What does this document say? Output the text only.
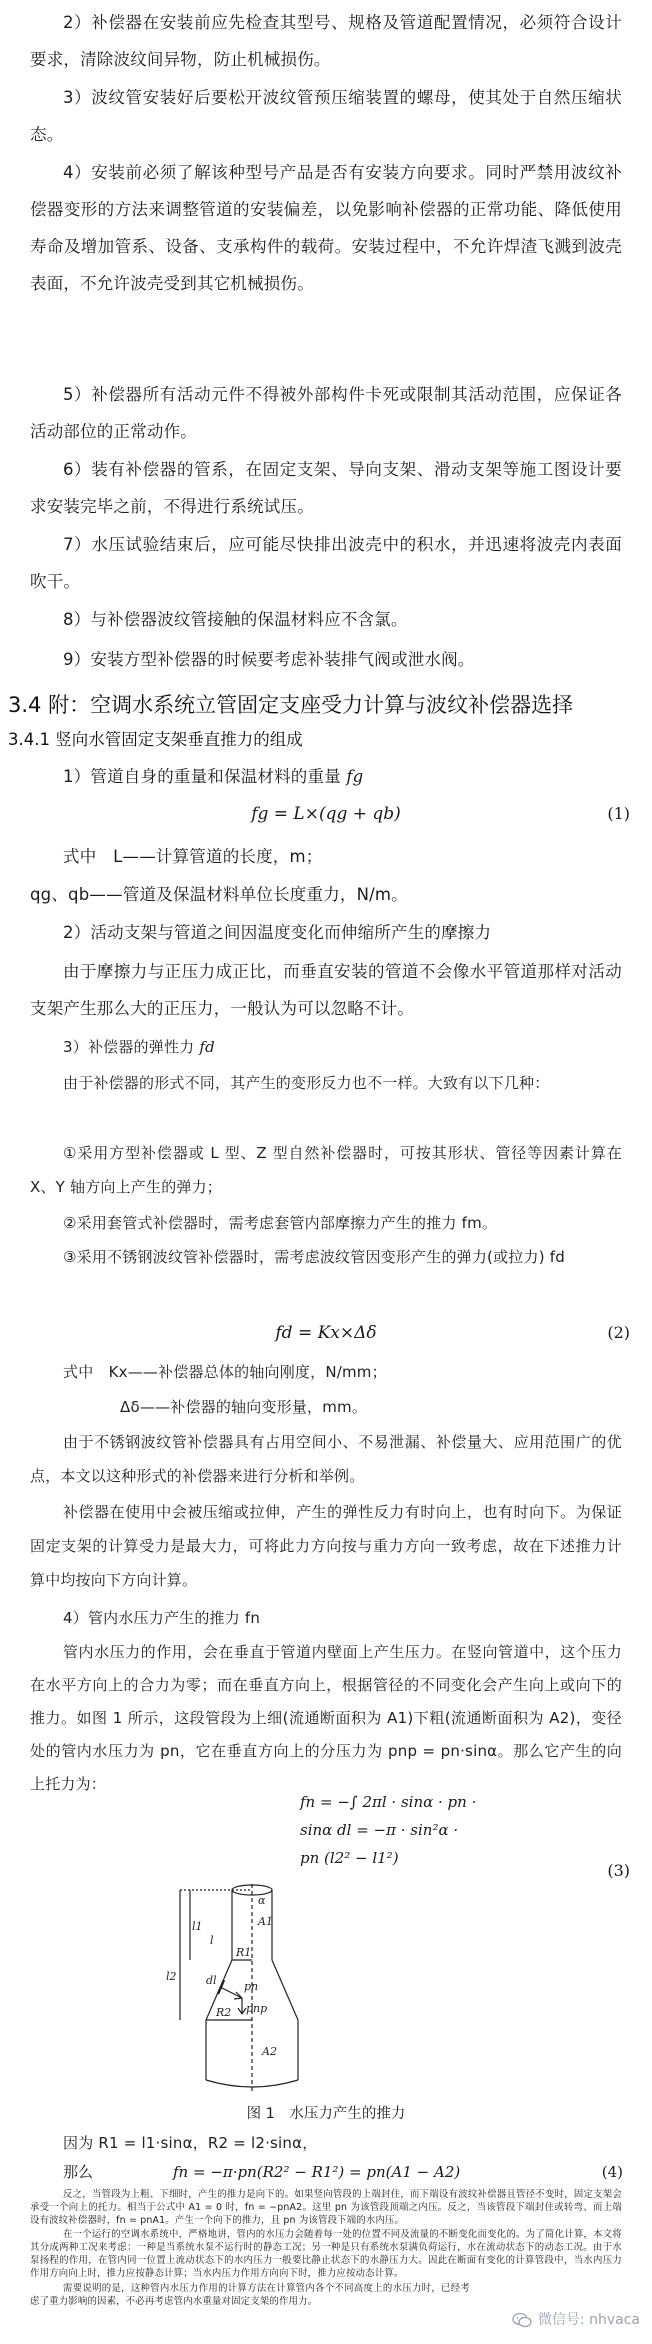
2）补偿器在安装前应先检查其型号、规格及管道配置情况，必须符合设计要求，清除波纹间异物，防止机械损伤。

3）波纹管安装好后要松开波纹管预压缩装置的螺母，使其处于自然压缩状态。

4）安装前必须了解该种型号产品是否有安装方向要求。同时严禁用波纹补偿器变形的方法来调整管道的安装偏差，以免影响补偿器的正常功能、降低使用寿命及增加管系、设备、支承构件的载荷。安装过程中，不允许焊渣飞溅到波壳表面，不允许波壳受到其它机械损伤。

5）补偿器所有活动元件不得被外部构件卡死或限制其活动范围，应保证各活动部位的正常动作。

6）装有补偿器的管系，在固定支架、导向支架、滑动支架等施工图设计要求安装完毕之前，不得进行系统试压。

7）水压试验结束后，应可能尽快排出波壳中的积水，并迅速将波壳内表面吹干。

8）与补偿器波纹管接触的保温材料应不含氯。

9）安装方型补偿器的时候要考虑补装排气阀或泄水阀。

3.4 附：空调水系统立管固定支座受力计算与波纹补偿器选择
3.4.1 竖向水管固定支架垂直推力的组成

1）管道自身的重量和保温材料的重量 fg

fg = L×(qg + qb)	(1)

式中　L——计算管道的长度，m；

qg、qb——管道及保温材料单位长度重力，N/m。

2）活动支架与管道之间因温度变化而伸缩所产生的摩擦力

由于摩擦力与正压力成正比，而垂直安装的管道不会像水平管道那样对活动支架产生那么大的正压力，一般认为可以忽略不计。

3）补偿器的弹性力 fd

由于补偿器的形式不同，其产生的变形反力也不一样。大致有以下几种：

①采用方型补偿器或 L 型、Z 型自然补偿器时，可按其形状、管径等因素计算在 X、Y 轴方向上产生的弹力；

②采用套管式补偿器时，需考虑套管内部摩擦力产生的推力 fm。

③采用不锈钢波纹管补偿器时，需考虑波纹管因变形产生的弹力(或拉力) fd

fd = Kx×Δδ	(2)

式中　Kx——补偿器总体的轴向刚度，N/mm；

Δδ——补偿器的轴向变形量，mm。

由于不锈钢波纹管补偿器具有占用空间小、不易泄漏、补偿量大、应用范围广的优点，本文以这种形式的补偿器来进行分析和举例。

补偿器在使用中会被压缩或拉伸，产生的弹性反力有时向上，也有时向下。为保证固定支架的计算受力是最大力，可将此力方向按与重力方向一致考虑，故在下述推力计算中均按向下方向计算。

4）管内水压力产生的推力 fn

管内水压力的作用，会在垂直于管道内壁面上产生压力。在竖向管道中，这个压力在水平方向上的合力为零；而在垂直方向上，根据管径的不同变化会产生向上或向下的推力。如图 1 所示，这段管段为上细(流通断面积为 A1)下粗(流通断面积为 A2)，变径处的管内水压力为 pn，它在垂直方向上的分压力为 pnp = pn·sinα。那么它产生的向上托力为：

fn = −∫ 2πl · sinα · pn ·
sinα dl = −π · sin²α ·
pn (l2² − l1²)
(3)
A1
A2
R1
R2
l1
l2
l
dl pn
pnp
α
图 1　水压力产生的推力

因为 R1 = l1·sinα，R2 = l2·sinα，

那么	fn = −π·pn(R2² − R1²) = pn(A1 − A2)	(4)

反之，当管段为上粗、下细时，产生的推力是向下的。如果竖向管段的上端封住，而下端设有波纹补偿器且管径不变时，固定支架会承受一个向上的托力。相当于公式中 A1 = 0 时，fn = −pnA2。这里 pn 为该管段顶端之内压。反之，当该管段下端封住或转弯、而上端设有波纹补偿器时，fn = pnA1。产生一个向下的推力，且 pn 为该管段下端的水内压。

在一个运行的空调水系统中，严格地讲，管内的水压力会随着每一处的位置不同及流量的不断变化而变化的。为了简化计算，本文将其分成两种工况来考虑：一种是当系统水泵不运行时的静态工况；另一种是只有系统水泵满负荷运行，水在流动状态下的动态工况。由于水泵扬程的作用，在管内同一位置上流动状态下的水内压力一般要比静止状态下的水静压力大。因此在断面有变化的计算管段中，当水内压力作用方向向上时，推力应按静态计算；当水内压力作用方向向下时，推力应按动态计算。

需要说明的是，这种管内水压力作用的计算方法在计算管内各个不同高度上的水压力时，已经考虑了重力影响的因素，不必再考虑管内水重量对固定支架的作用力。

微信号: nhvaca
